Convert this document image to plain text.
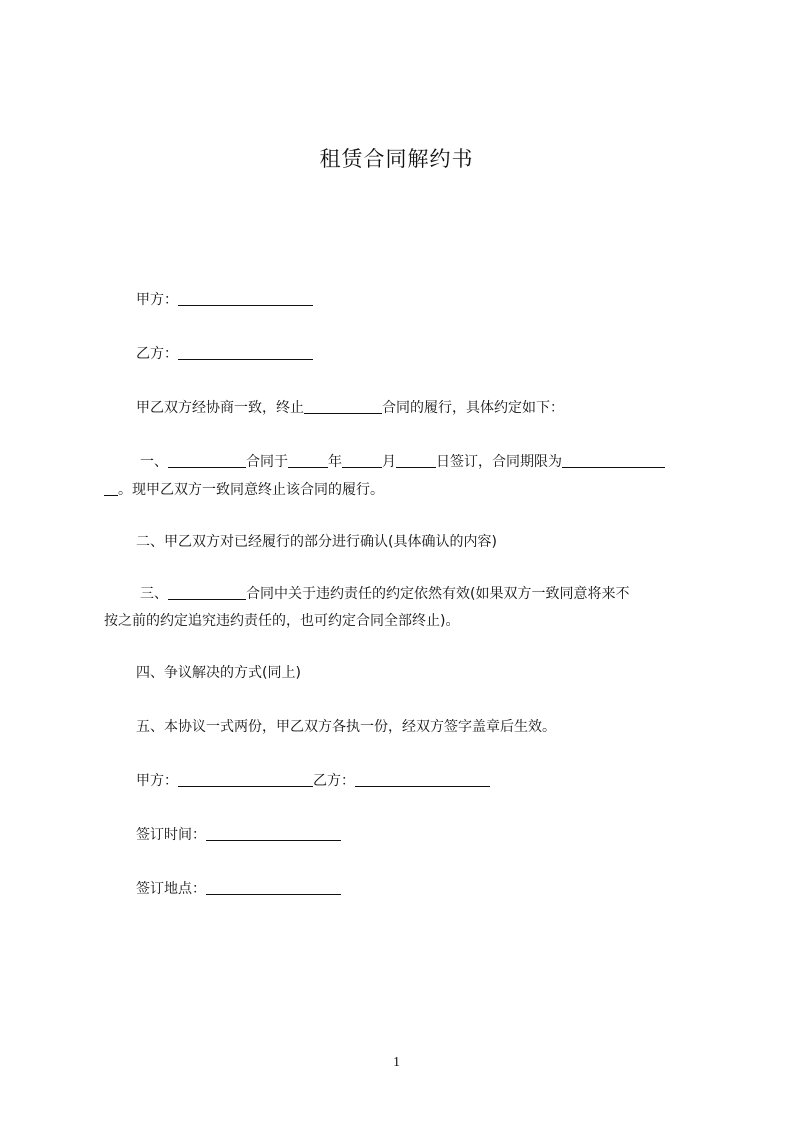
租赁合同解约书
甲方：
乙方：
甲乙双方经协商一致，终止	合同的履行，具体约定如下：
一、	合同于	年	月	日签订，合同期限为
。现甲乙双方一致同意终止该合同的履行。
二、甲乙双方对已经履行的部分进行确认(具体确认的内容)
三、	合同中关于违约责任的约定依然有效(如果双方一致同意将来不
按之前的约定追究违约责任的，也可约定合同全部终止)。
四、争议解决的方式(同上)
五、本协议一式两份，甲乙双方各执一份，经双方签字盖章后生效。
甲方：	乙方：
签订时间：
签订地点：
1
